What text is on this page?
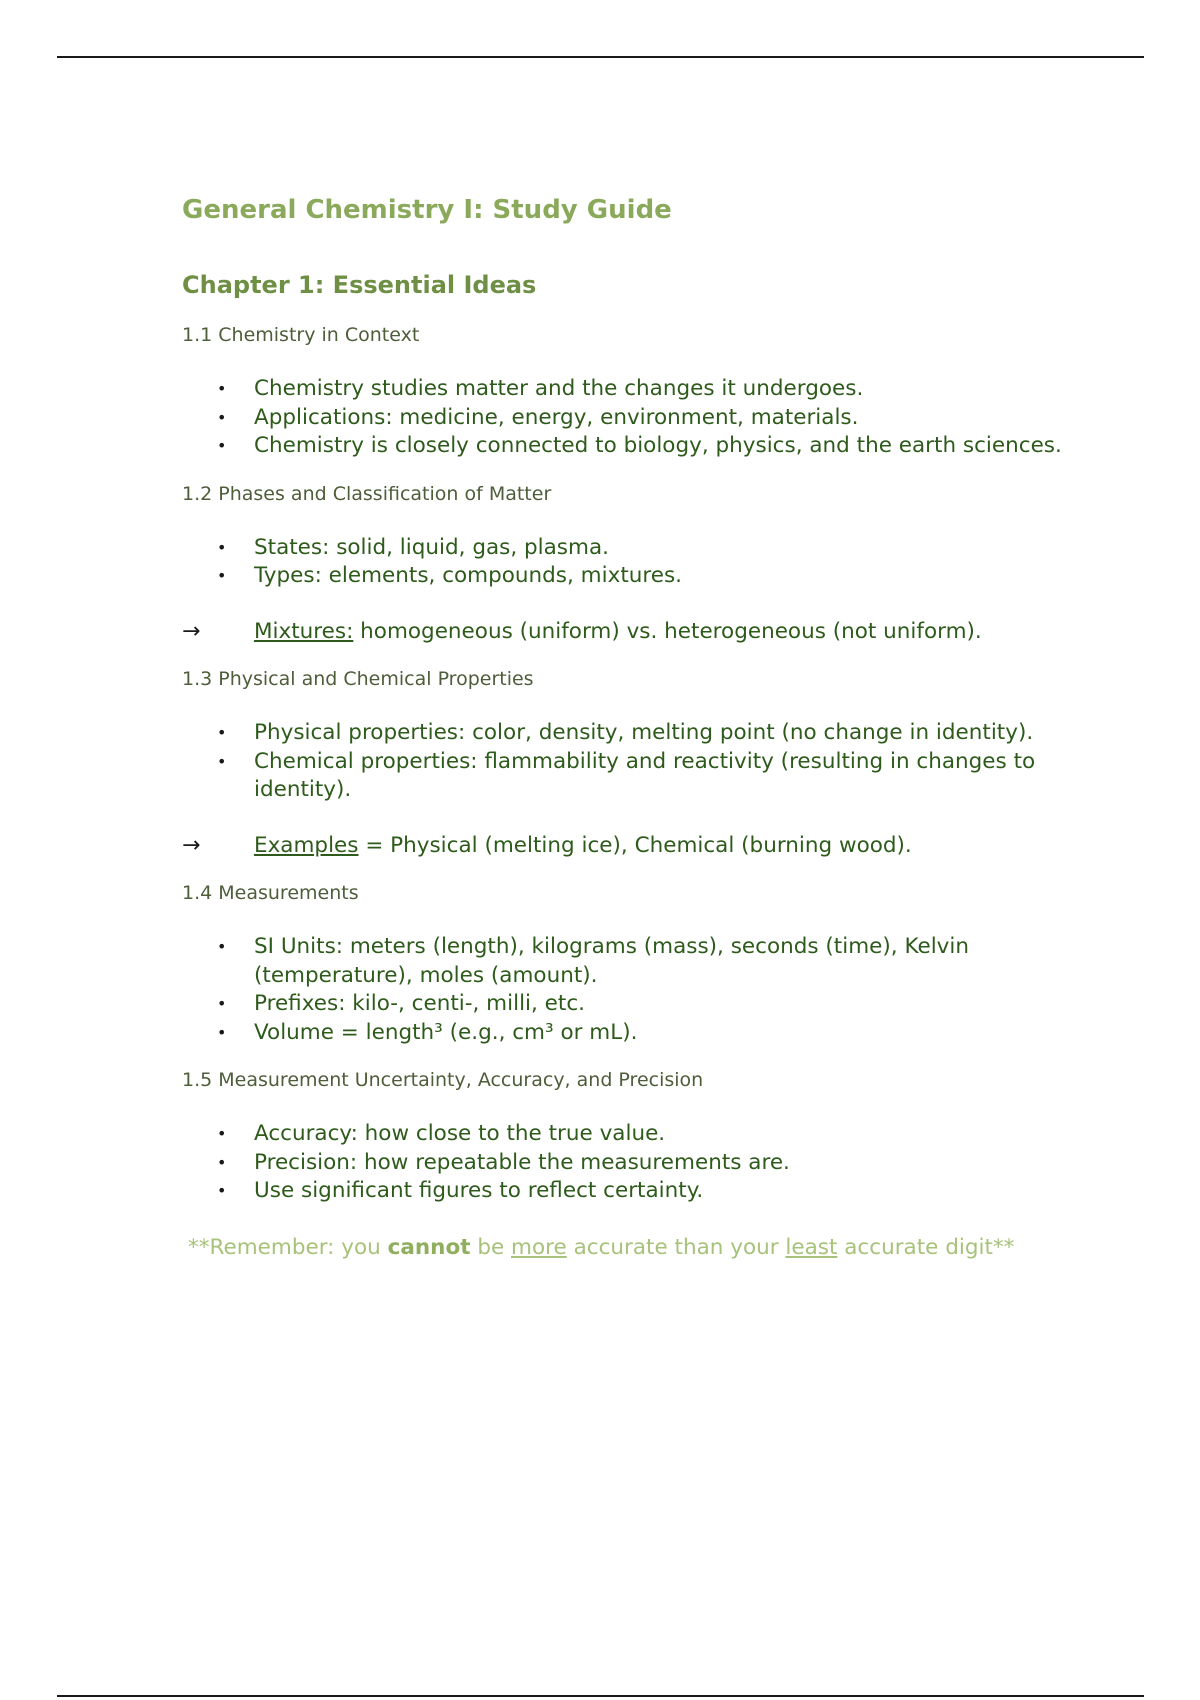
General Chemistry I: Study Guide
Chapter 1: Essential Ideas
1.1 Chemistry in Context
• Chemistry studies matter and the changes it undergoes.
• Applications: medicine, energy, environment, materials.
• Chemistry is closely connected to biology, physics, and the earth sciences.
1.2 Phases and Classification of Matter
• States: solid, liquid, gas, plasma.
• Types: elements, compounds, mixtures.
→ Mixtures: homogeneous (uniform) vs. heterogeneous (not uniform).
1.3 Physical and Chemical Properties
• Physical properties: color, density, melting point (no change in identity).
• Chemical properties: flammability and reactivity (resulting in changes to identity).
→ Examples = Physical (melting ice), Chemical (burning wood).
1.4 Measurements
• SI Units: meters (length), kilograms (mass), seconds (time), Kelvin (temperature), moles (amount).
• Prefixes: kilo-, centi-, milli, etc.
• Volume = length³ (e.g., cm³ or mL).
1.5 Measurement Uncertainty, Accuracy, and Precision
• Accuracy: how close to the true value.
• Precision: how repeatable the measurements are.
• Use significant figures to reflect certainty.
**Remember: you cannot be more accurate than your least accurate digit**
